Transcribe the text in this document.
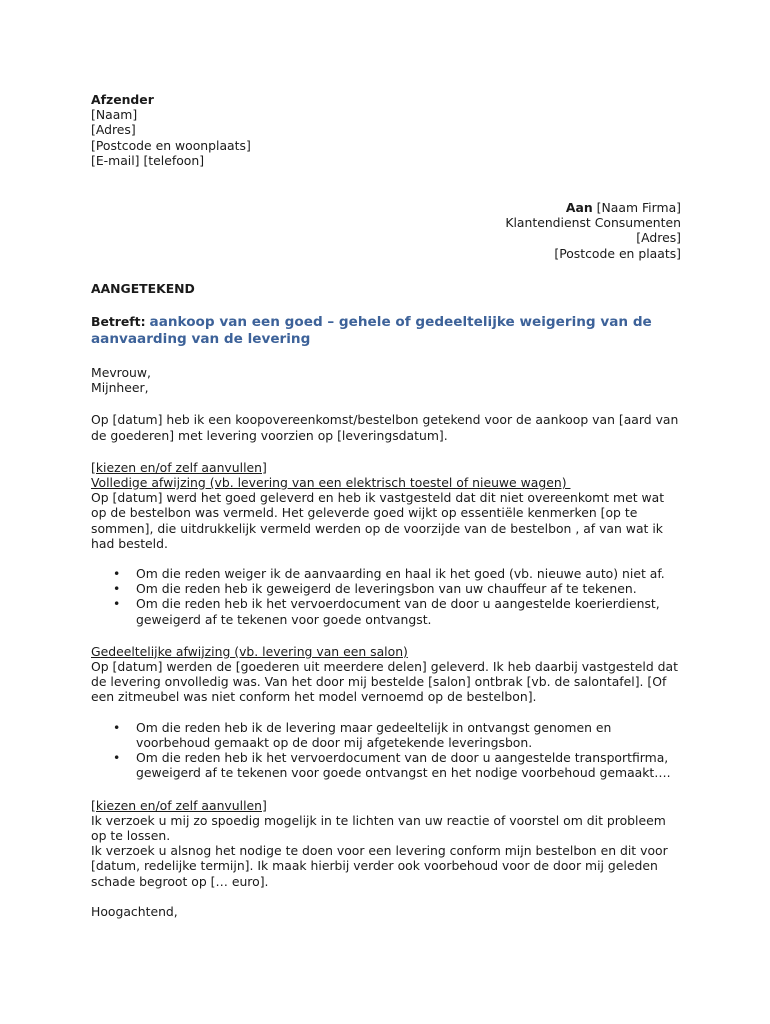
Afzender
[Naam]
[Adres]
[Postcode en woonplaats]
[E-mail] [telefoon]
Aan [Naam Firma]
Klantendienst Consumenten
[Adres]
[Postcode en plaats]
AANGETEKEND
Betreft: aankoop van een goed – gehele of gedeeltelijke weigering van de aanvaarding van de levering
Mevrouw,
Mijnheer,

Op [datum] heb ik een koopovereenkomst/bestelbon getekend voor de aankoop van [aard van de goederen] met levering voorzien op [leveringsdatum].

[kiezen en/of zelf aanvullen]
Volledige afwijzing (vb. levering van een elektrisch toestel of nieuwe wagen)

Op [datum] werd het goed geleverd en heb ik vastgesteld dat dit niet overeenkomt met wat op de bestelbon was vermeld. Het geleverde goed wijkt op essentiële kenmerken [op te sommen], die uitdrukkelijk vermeld werden op de voorzijde van de bestelbon , af van wat ik had besteld.

• Om die reden weiger ik de aanvaarding en haal ik het goed (vb. nieuwe auto) niet af.
• Om die reden heb ik geweigerd de leveringsbon van uw chauffeur af te tekenen.
• Om die reden heb ik het vervoerdocument van de door u aangestelde koerierdienst, geweigerd af te tekenen voor goede ontvangst.
Gedeeltelijke afwijzing (vb. levering van een salon)

Op [datum] werden de [goederen uit meerdere delen] geleverd. Ik heb daarbij vastgesteld dat de levering onvolledig was. Van het door mij bestelde [salon] ontbrak [vb. de salontafel]. [Of een zitmeubel was niet conform het model vernoemd op de bestelbon].

• Om die reden heb ik de levering maar gedeeltelijk in ontvangst genomen en voorbehoud gemaakt op de door mij afgetekende leveringsbon.
• Om die reden heb ik het vervoerdocument van de door u aangestelde transportfirma, geweigerd af te tekenen voor goede ontvangst en het nodige voorbehoud gemaakt….
[kiezen en/of zelf aanvullen]

Ik verzoek u mij zo spoedig mogelijk in te lichten van uw reactie of voorstel om dit probleem op te lossen.

Ik verzoek u alsnog het nodige te doen voor een levering conform mijn bestelbon en dit voor [datum, redelijke termijn]. Ik maak hierbij verder ook voorbehoud voor de door mij geleden schade begroot op [… euro].

Hoogachtend,
